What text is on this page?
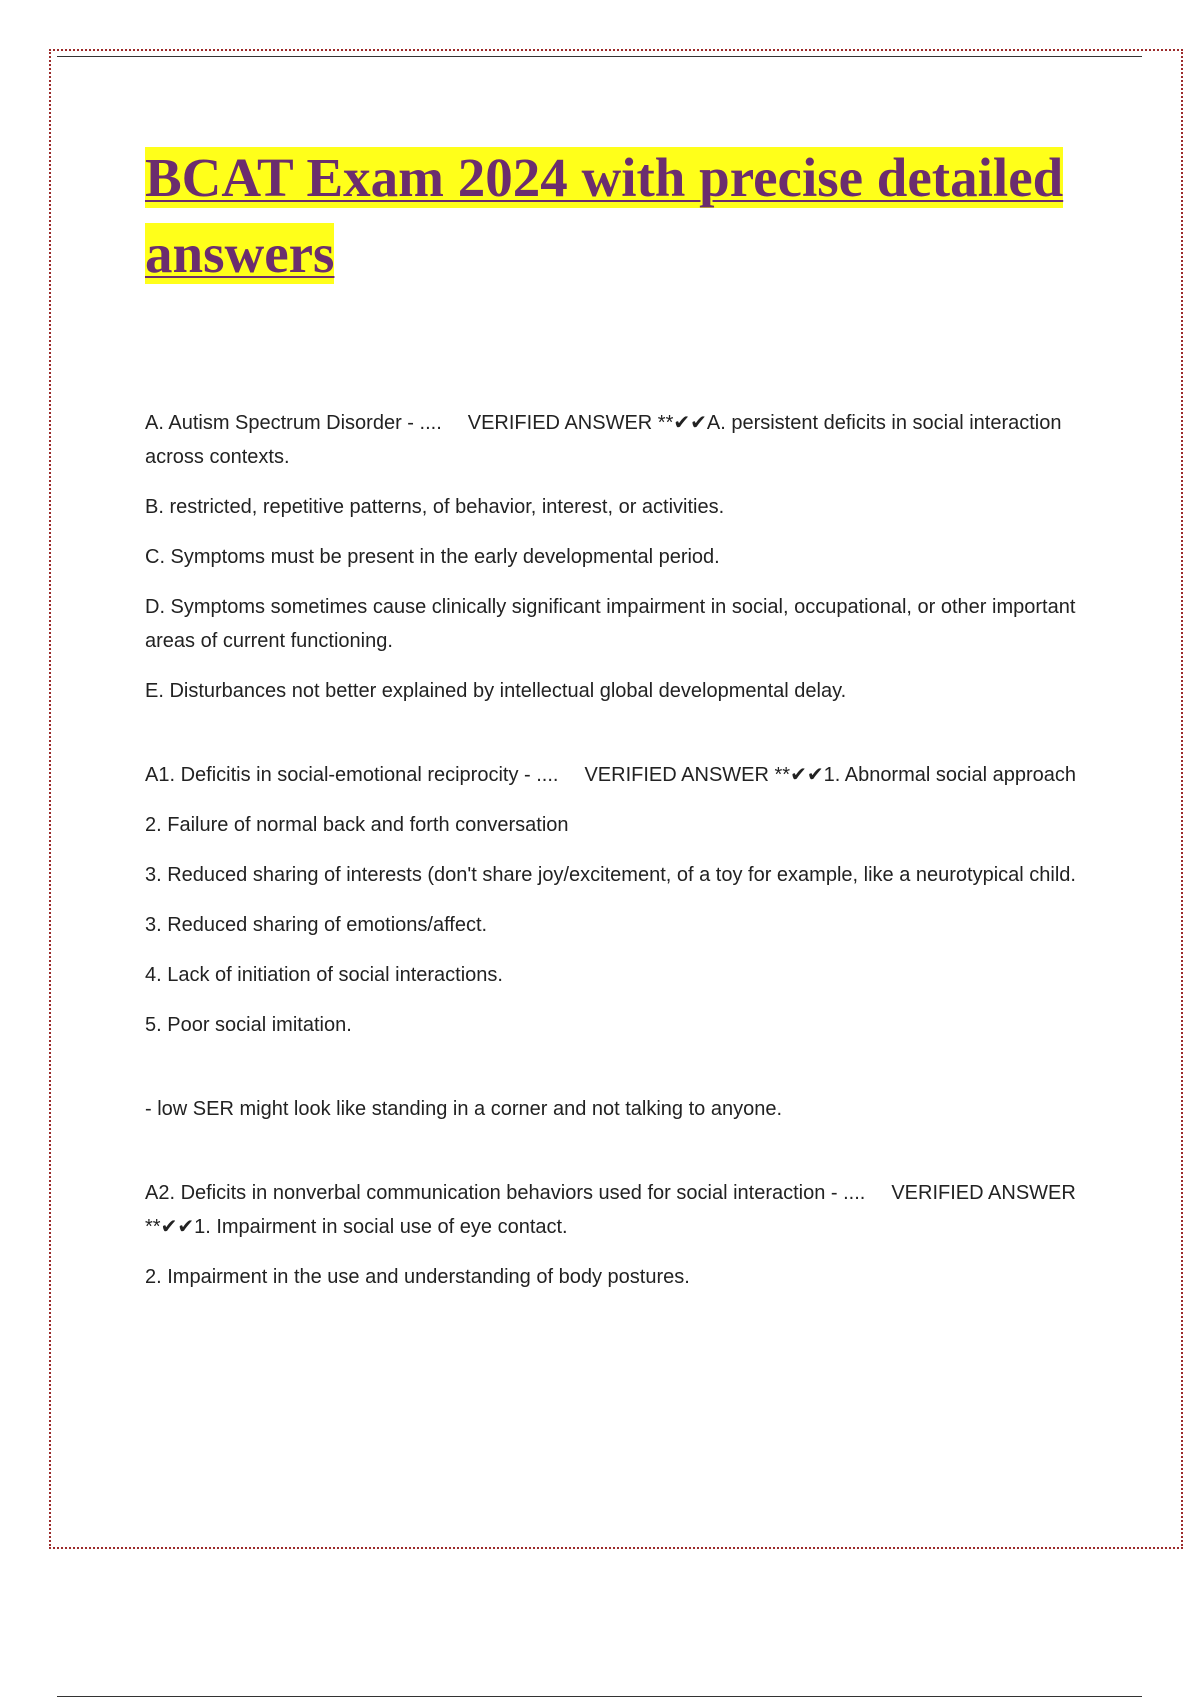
BCAT Exam 2024 with precise detailed answers

A. Autism Spectrum Disorder - .... VERIFIED ANSWER **✔✔A. persistent deficits in social interaction across contexts.

B. restricted, repetitive patterns, of behavior, interest, or activities.

C. Symptoms must be present in the early developmental period.

D. Symptoms sometimes cause clinically significant impairment in social, occupational, or other important areas of current functioning.

E. Disturbances not better explained by intellectual global developmental delay.

A1. Deficitis in social-emotional reciprocity - .... VERIFIED ANSWER **✔✔1. Abnormal social approach

2. Failure of normal back and forth conversation

3. Reduced sharing of interests (don't share joy/excitement, of a toy for example, like a neurotypical child.

3. Reduced sharing of emotions/affect.

4. Lack of initiation of social interactions.

5. Poor social imitation.

- low SER might look like standing in a corner and not talking to anyone.

A2. Deficits in nonverbal communication behaviors used for social interaction - .... VERIFIED ANSWER **✔✔1. Impairment in social use of eye contact.

2. Impairment in the use and understanding of body postures.
